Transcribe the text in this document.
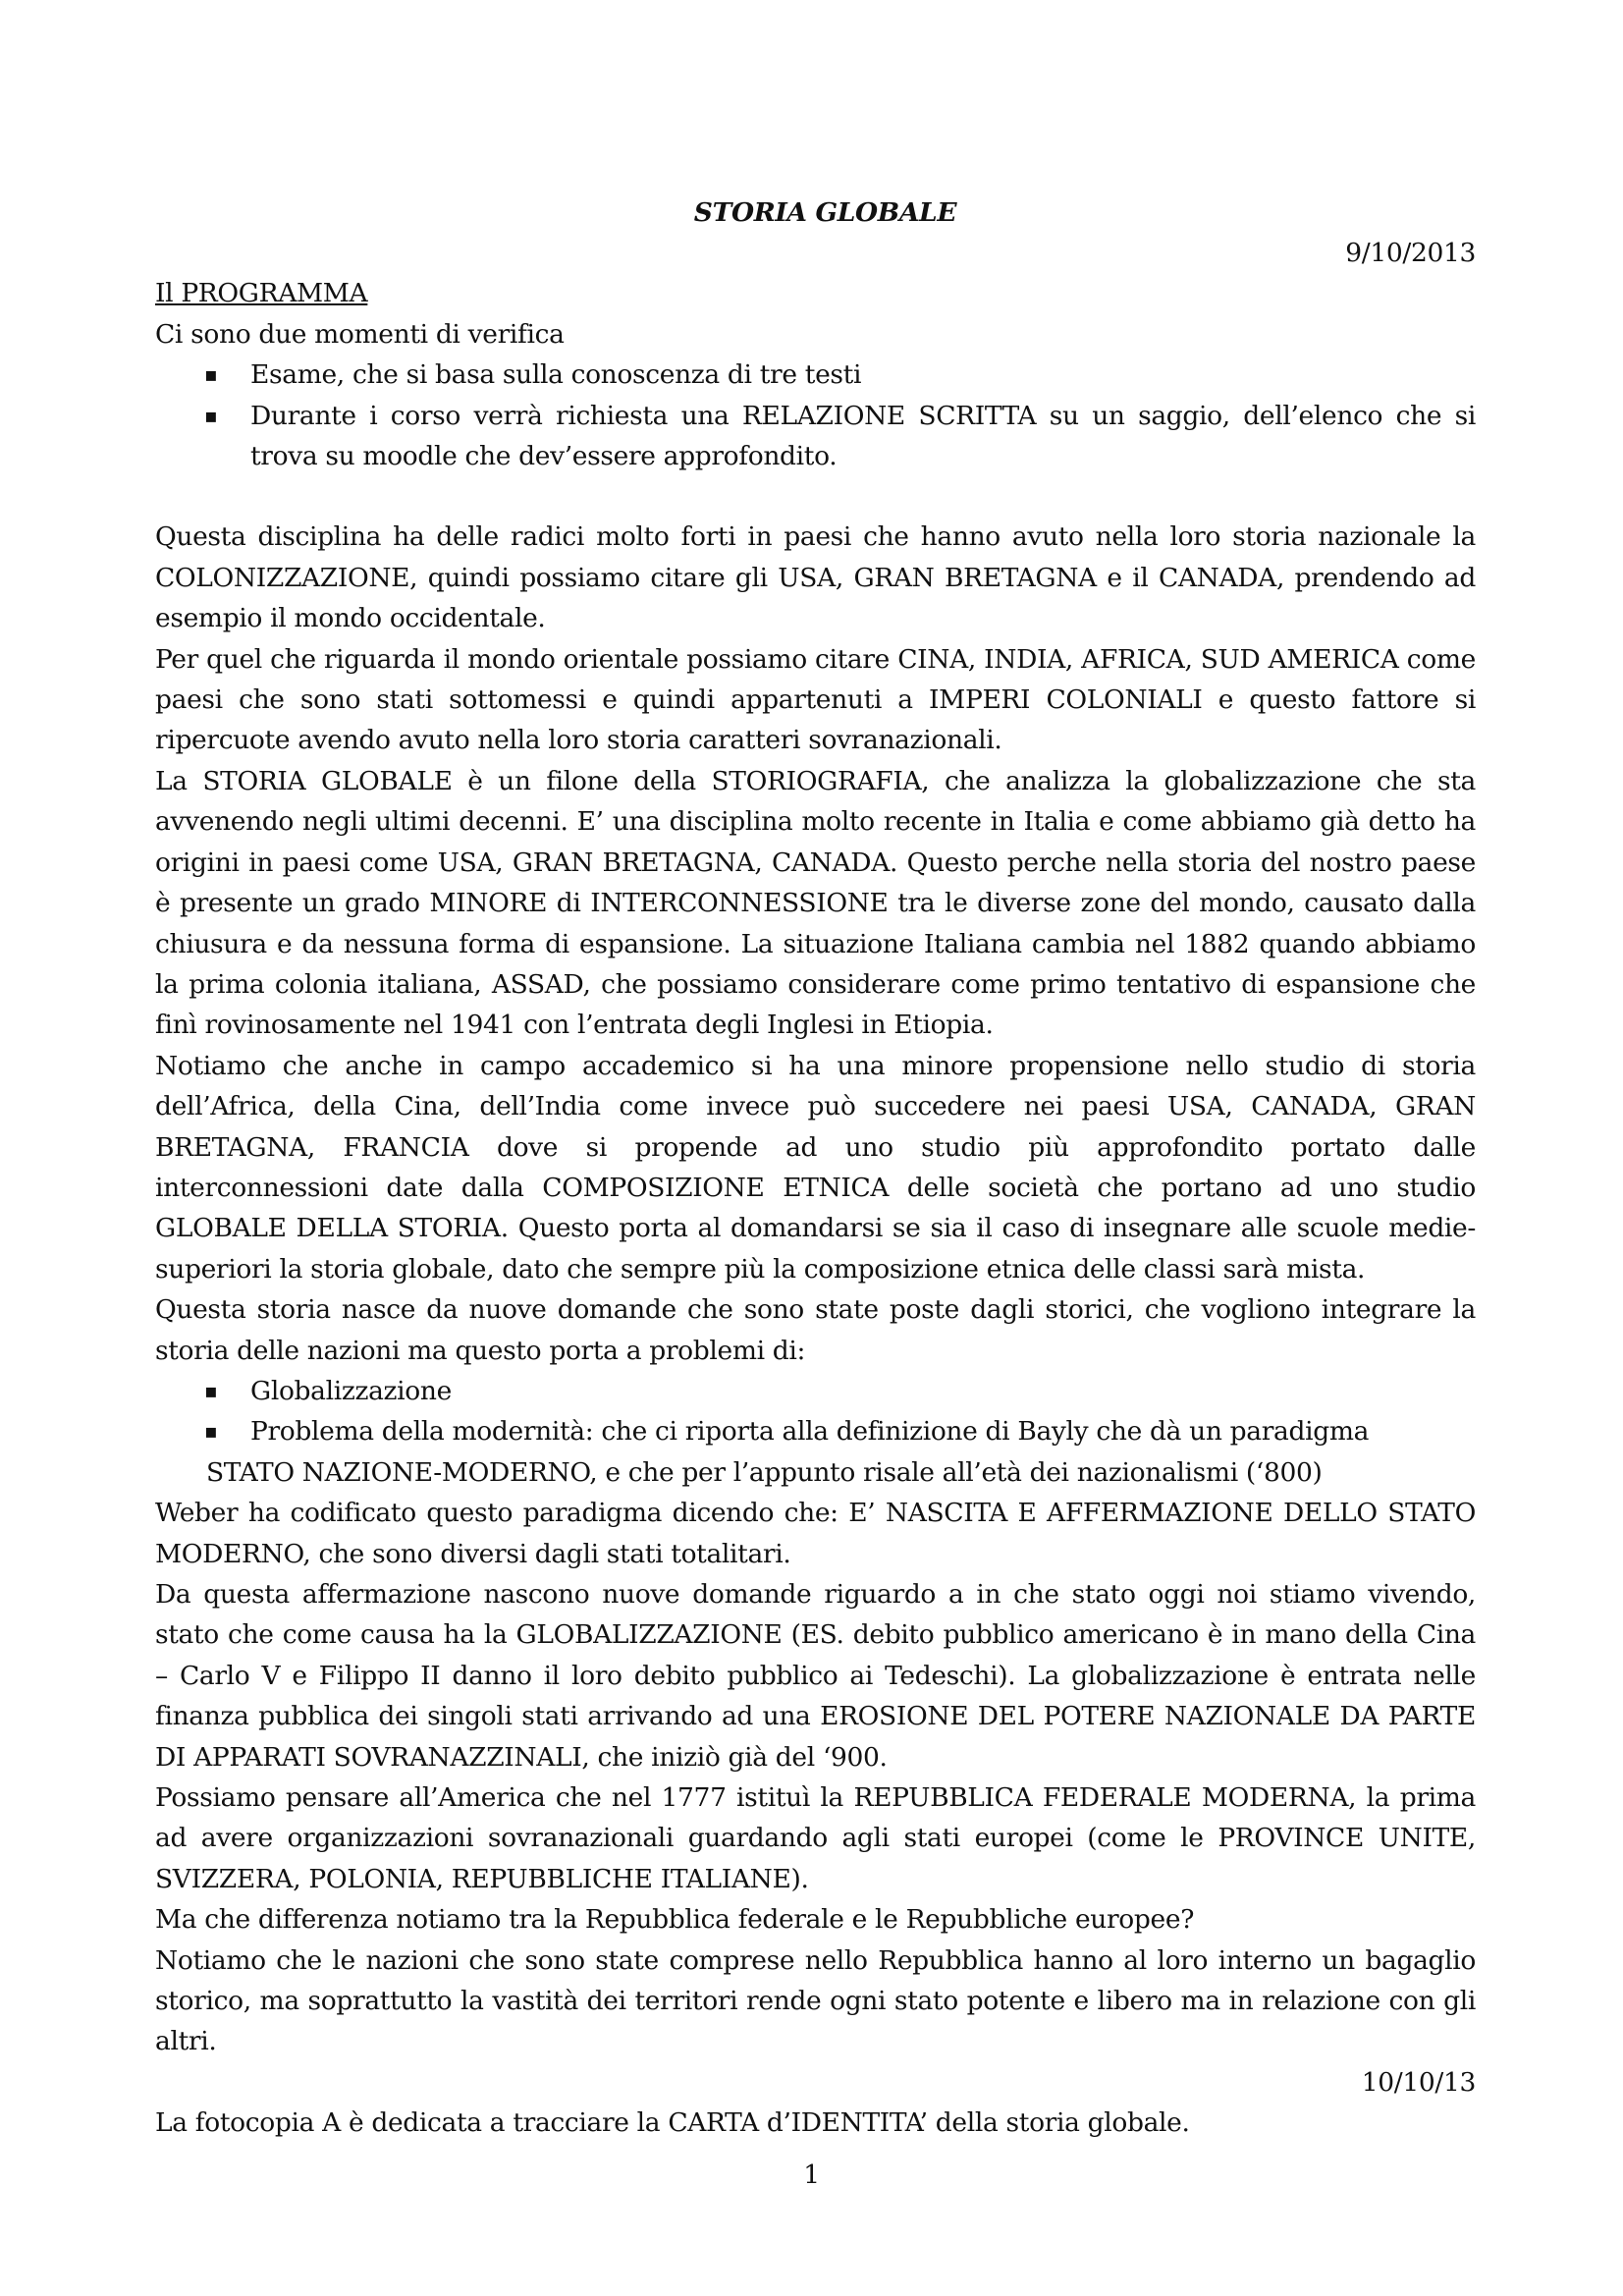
STORIA GLOBALE

9/10/2013

Il PROGRAMMA

Ci sono due momenti di verifica

▪ Esame, che si basa sulla conoscenza di tre testi
▪ Durante i corso verrà richiesta una RELAZIONE SCRITTA su un saggio, dell’elenco che si trova su moodle che dev’essere approfondito.

Questa disciplina ha delle radici molto forti in paesi che hanno avuto nella loro storia nazionale la COLONIZZAZIONE, quindi possiamo citare gli USA, GRAN BRETAGNA e il CANADA, prendendo ad esempio il mondo occidentale.

Per quel che riguarda il mondo orientale possiamo citare CINA, INDIA, AFRICA, SUD AMERICA come paesi che sono stati sottomessi e quindi appartenuti a IMPERI COLONIALI e questo fattore si ripercuote avendo avuto nella loro storia caratteri sovranazionali.

La STORIA GLOBALE è un filone della STORIOGRAFIA, che analizza la globalizzazione che sta avvenendo negli ultimi decenni. E’ una disciplina molto recente in Italia e come abbiamo già detto ha origini in paesi come USA, GRAN BRETAGNA, CANADA. Questo perche nella storia del nostro paese è presente un grado MINORE di INTERCONNESSIONE tra le diverse zone del mondo, causato dalla chiusura e da nessuna forma di espansione. La situazione Italiana cambia nel 1882 quando abbiamo la prima colonia italiana, ASSAD, che possiamo considerare come primo tentativo di espansione che finì rovinosamente nel 1941 con l’entrata degli Inglesi in Etiopia.

Notiamo che anche in campo accademico si ha una minore propensione nello studio di storia dell’Africa, della Cina, dell’India come invece può succedere nei paesi USA, CANADA, GRAN BRETAGNA, FRANCIA dove si propende ad uno studio più approfondito portato dalle interconnessioni date dalla COMPOSIZIONE ETNICA delle società che portano ad uno studio GLOBALE DELLA STORIA. Questo porta al domandarsi se sia il caso di insegnare alle scuole medie-superiori la storia globale, dato che sempre più la composizione etnica delle classi sarà mista.

Questa storia nasce da nuove domande che sono state poste dagli storici, che vogliono integrare la storia delle nazioni ma questo porta a problemi di:

▪ Globalizzazione
▪ Problema della modernità: che ci riporta alla definizione di Bayly che dà un paradigma

STATO NAZIONE-MODERNO, e che per l’appunto risale all’età dei nazionalismi (‘800)

Weber ha codificato questo paradigma dicendo che: E’ NASCITA E AFFERMAZIONE DELLO STATO MODERNO, che sono diversi dagli stati totalitari.

Da questa affermazione nascono nuove domande riguardo a in che stato oggi noi stiamo vivendo, stato che come causa ha la GLOBALIZZAZIONE (ES. debito pubblico americano è in mano della Cina – Carlo V e Filippo II danno il loro debito pubblico ai Tedeschi). La globalizzazione è entrata nelle finanza pubblica dei singoli stati arrivando ad una EROSIONE DEL POTERE NAZIONALE DA PARTE DI APPARATI SOVRANAZZINALI, che iniziò già del ‘900.

Possiamo pensare all’America che nel 1777 istituì la REPUBBLICA FEDERALE MODERNA, la prima ad avere organizzazioni sovranazionali guardando agli stati europei (come le PROVINCE UNITE, SVIZZERA, POLONIA, REPUBBLICHE ITALIANE).

Ma che differenza notiamo tra la Repubblica federale e le Repubbliche europee?

Notiamo che le nazioni che sono state comprese nello Repubblica hanno al loro interno un bagaglio storico, ma soprattutto la vastità dei territori rende ogni stato potente e libero ma in relazione con gli altri.

10/10/13

La fotocopia A è dedicata a tracciare la CARTA d’IDENTITA’ della storia globale.

1
